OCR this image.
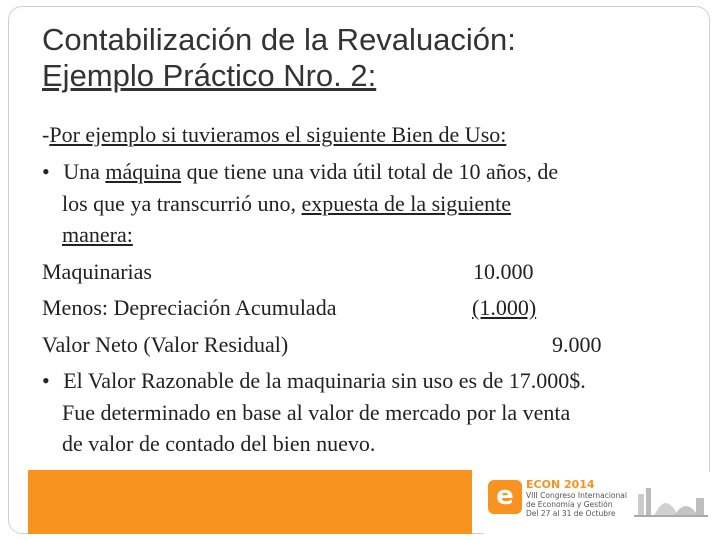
Contabilización de la Revaluación:
Ejemplo Práctico Nro. 2:
-Por ejemplo si tuvieramos el siguiente Bien de Uso:
• Una máquina que tiene una vida útil total de 10 años, de
los que ya transcurrió uno, expuesta de la siguiente
manera:
Maquinarias	10.000
Menos: Depreciación Acumulada	(1.000)
Valor Neto (Valor Residual)	9.000
• El Valor Razonable de la maquinaria sin uso es de 17.000$.
Fue determinado en base al valor de mercado por la venta
de valor de contado del bien nuevo.
e	ECON 2014
VIII Congreso Internacional
de Economía y Gestión
Del 27 al 31 de Octubre
